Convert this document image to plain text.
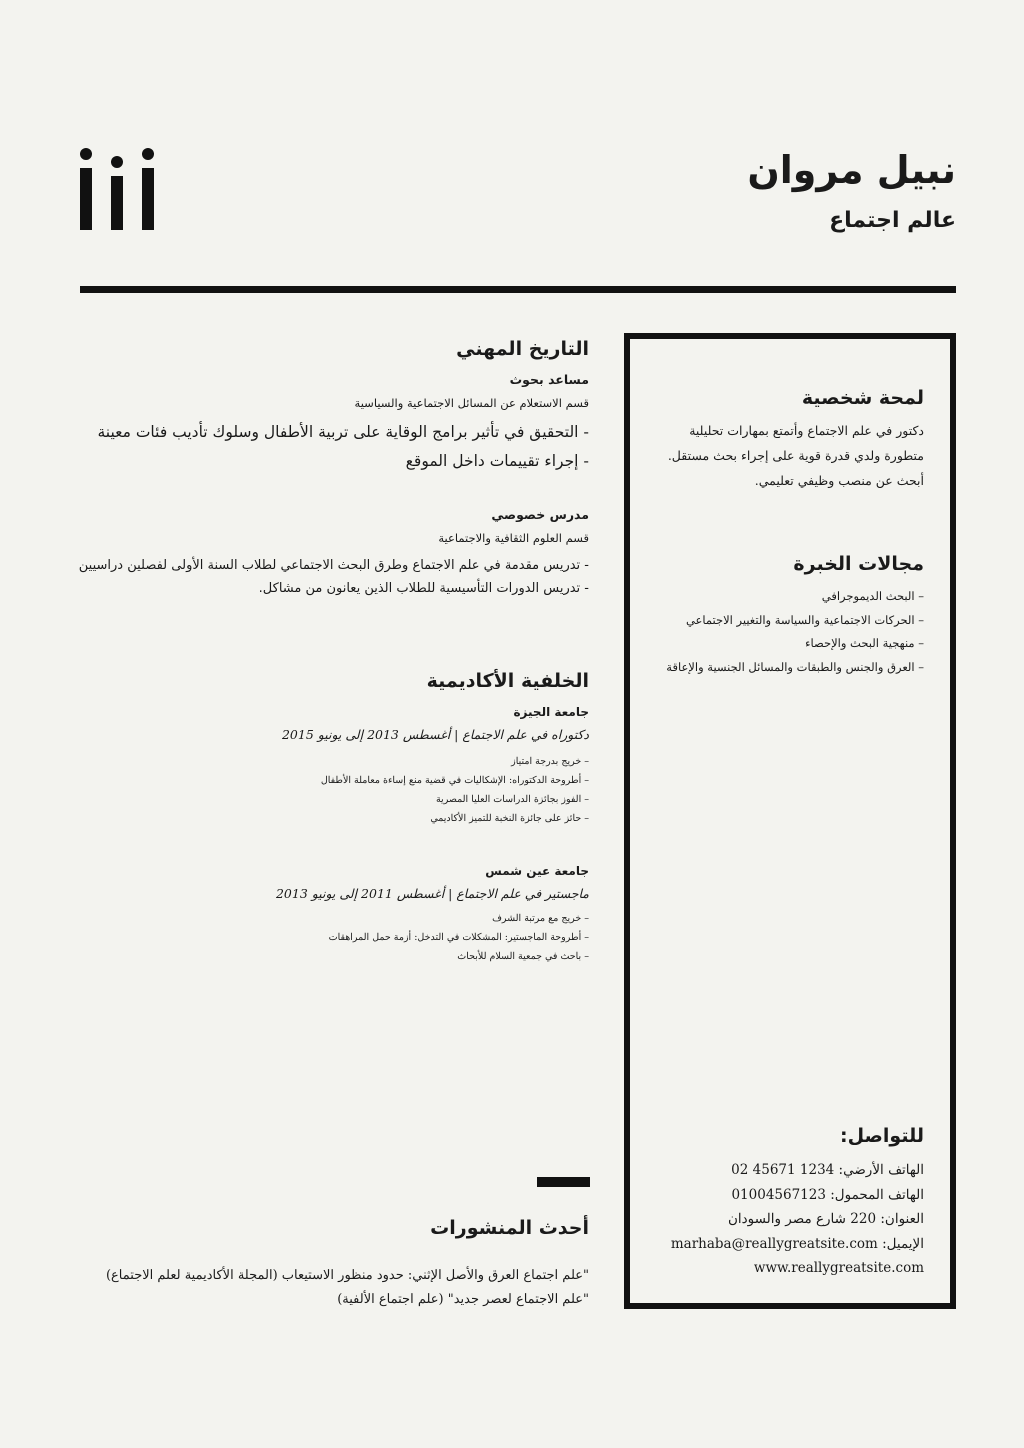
نبيل مروان
عالم اجتماع
لمحة شخصية
دكتور في علم الاجتماع وأتمتع بمهارات تحليلية
متطورة ولدي قدرة قوية على إجراء بحث مستقل.
أبحث عن منصب وظيفي تعليمي.
مجالات الخبرة
– البحث الديموجرافي
– الحركات الاجتماعية والسياسة والتغيير الاجتماعي
– منهجية البحث والإحصاء
– العرق والجنس والطبقات والمسائل الجنسية والإعاقة
للتواصل:
الهاتف الأرضي: 1234 45671 02
الهاتف المحمول: 01004567123
العنوان: 220 شارع مصر والسودان
الإيميل: marhaba@reallygreatsite.com
www.reallygreatsite.com
التاريخ المهني
مساعد بحوث
قسم الاستعلام عن المسائل الاجتماعية والسياسية
- التحقيق في تأثير برامج الوقاية على تربية الأطفال وسلوك تأديب فئات معينة
- إجراء تقييمات داخل الموقع
مدرس خصوصي
قسم العلوم الثقافية والاجتماعية
- تدريس مقدمة في علم الاجتماع وطرق البحث الاجتماعي لطلاب السنة الأولى لفصلين دراسيين
- تدريس الدورات التأسيسية للطلاب الذين يعانون من مشاكل.
الخلفية الأكاديمية
جامعة الجيزة
دكتوراه في علم الاجتماع | أغسطس 2013 إلى يونيو 2015
– خريج بدرجة امتياز
– أطروحة الدكتوراه: الإشكاليات في قضية منع إساءة معاملة الأطفال
– الفوز بجائزة الدراسات العليا المصرية
– حائز على جائزة النخبة للتميز الأكاديمي
جامعة عين شمس
ماجستير في علم الاجتماع | أغسطس 2011 إلى يونيو 2013
– خريج مع مرتبة الشرف
– أطروحة الماجستير: المشكلات في التدخل: أزمة حمل المراهقات
– باحث في جمعية السلام للأبحاث
أحدث المنشورات
"علم اجتماع العرق والأصل الإثني: حدود منظور الاستيعاب (المجلة الأكاديمية لعلم الاجتماع)
"علم الاجتماع لعصر جديد" (علم اجتماع الألفية)
